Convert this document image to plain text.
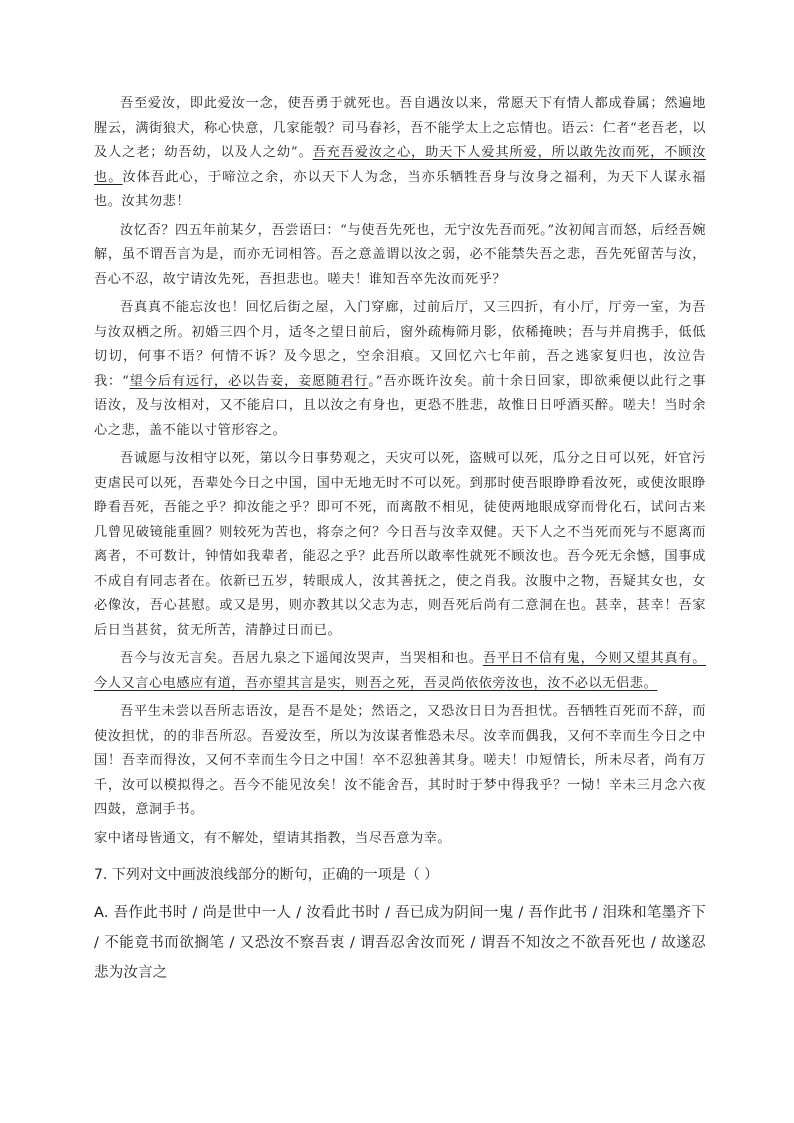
吾至爱汝，即此爱汝一念，使吾勇于就死也。吾自遇汝以来，常愿天下有情人都成眷属；然遍地腥云，满街狼犬，称心快意，几家能彀？司马春衫，吾不能学太上之忘情也。语云：仁者“老吾老，以及人之老；幼吾幼，以及人之幼”。吾充吾爱汝之心，助天下人爱其所爱，所以敢先汝而死，不顾汝也。汝体吾此心，于啼泣之余，亦以天下人为念，当亦乐牺牲吾身与汝身之福利，为天下人谋永福也。汝其勿悲！

汝忆否？四五年前某夕，吾尝语曰：“与使吾先死也，无宁汝先吾而死。”汝初闻言而怒，后经吾婉解，虽不谓吾言为是，而亦无词相答。吾之意盖谓以汝之弱，必不能禁失吾之悲，吾先死留苦与汝，吾心不忍，故宁请汝先死，吾担悲也。嗟夫！谁知吾卒先汝而死乎？

吾真真不能忘汝也！回忆后街之屋，入门穿廊，过前后厅，又三四折，有小厅，厅旁一室，为吾与汝双栖之所。初婚三四个月，适冬之望日前后，窗外疏梅筛月影，依稀掩映；吾与并肩携手，低低切切，何事不语？何情不诉？及今思之，空余泪痕。又回忆六七年前，吾之逃家复归也，汝泣告我：“望今后有远行，必以告妾，妾愿随君行。”吾亦既许汝矣。前十余日回家，即欲乘便以此行之事语汝，及与汝相对，又不能启口，且以汝之有身也，更恐不胜悲，故惟日日呼酒买醉。嗟夫！当时余心之悲，盖不能以寸管形容之。

吾诚愿与汝相守以死，第以今日事势观之，天灾可以死，盗贼可以死，瓜分之日可以死，奸官污吏虐民可以死，吾辈处今日之中国，国中无地无时不可以死。到那时使吾眼睁睁看汝死，或使汝眼睁睁看吾死，吾能之乎？抑汝能之乎？即可不死，而离散不相见，徒使两地眼成穿而骨化石，试问古来几曾见破镜能重圆？则较死为苦也，将奈之何？今日吾与汝幸双健。天下人之不当死而死与不愿离而离者，不可数计，钟情如我辈者，能忍之乎？此吾所以敢率性就死不顾汝也。吾今死无余憾，国事成不成自有同志者在。依新已五岁，转眼成人，汝其善抚之，使之肖我。汝腹中之物，吾疑其女也，女必像汝，吾心甚慰。或又是男，则亦教其以父志为志，则吾死后尚有二意洞在也。甚幸，甚幸！吾家后日当甚贫，贫无所苦，清静过日而已。

吾今与汝无言矣。吾居九泉之下遥闻汝哭声，当哭相和也。吾平日不信有鬼，今则又望其真有。今人又言心电感应有道，吾亦望其言是实，则吾之死，吾灵尚依依旁汝也，汝不必以无侣悲。

吾平生未尝以吾所志语汝，是吾不是处；然语之，又恐汝日日为吾担忧。吾牺牲百死而不辞，而使汝担忧，的的非吾所忍。吾爱汝至，所以为汝谋者惟恐未尽。汝幸而偶我，又何不幸而生今日之中国！吾幸而得汝，又何不幸而生今日之中国！卒不忍独善其身。嗟夫！巾短情长，所未尽者，尚有万千，汝可以模拟得之。吾今不能见汝矣！汝不能舍吾，其时时于梦中得我乎？一恸！辛未三月念六夜四鼓，意洞手书。

家中诸母皆通文，有不解处，望请其指教，当尽吾意为幸。

7. 下列对文中画波浪线部分的断句，正确的一项是（ ）
A. 吾作此书时 / 尚是世中一人 / 汝看此书时 / 吾已成为阴间一鬼 / 吾作此书 / 泪珠和笔墨齐下 / 不能竟书而欲搁笔 / 又恐汝不察吾衷 / 谓吾忍舍汝而死 / 谓吾不知汝之不欲吾死也 / 故遂忍悲为汝言之
